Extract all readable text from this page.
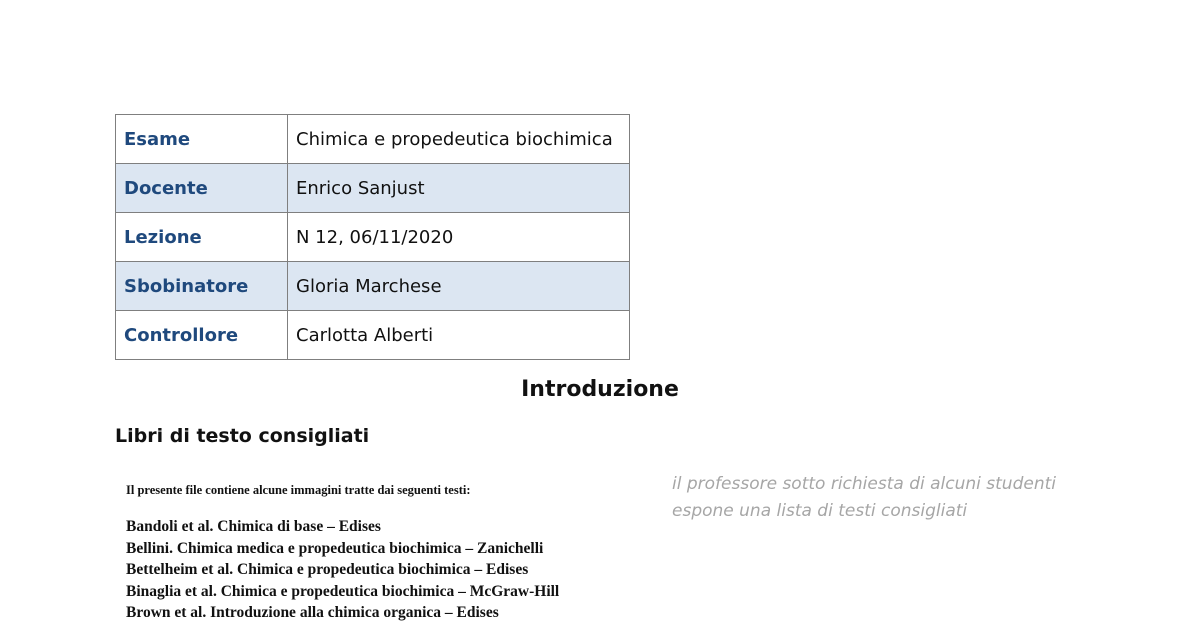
Esame	Chimica e propedeutica biochimica
Docente	Enrico Sanjust
Lezione	N 12, 06/11/2020
Sbobinatore	Gloria Marchese
Controllore	Carlotta Alberti
Introduzione
Libri di testo consigliati

Il presente file contiene alcune immagini tratte dai seguenti testi:

Bandoli et al. Chimica di base – Edises
Bellini. Chimica medica e propedeutica biochimica – Zanichelli
Bettelheim et al. Chimica e propedeutica biochimica – Edises
Binaglia et al. Chimica e propedeutica biochimica – McGraw-Hill
Brown et al. Introduzione alla chimica organica – Edises
il professore sotto richiesta di alcuni studenti
espone una lista di testi consigliati
